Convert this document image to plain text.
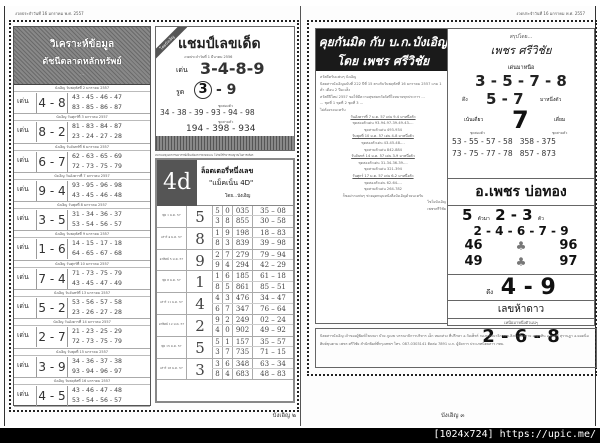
งวดประจำวันที่ 16 มกราคม พ.ศ. 2557
วิเคราะห์ข้อมูล
ดัชนีตลาดหลักทรัพย์
...
บังเอิญ วันพฤหัสที่ 2 มกราคม 2557
เด่น 4 - 8	43 - 45 - 46 - 47
83 - 85 - 86 - 87
บังเอิญ วันศุกร์ที่ 3 มกราคม 2557
เด่น 8 - 2	81 - 83 - 84 - 87
23 - 24 - 27 - 28
บังเอิญ วันจันทร์ที่ 6 มกราคม 2557
เด่น 6 - 7	62 - 63 - 65 - 69
72 - 73 - 75 - 79
บังเอิญ วันอังคารที่ 7 มกราคม 2557
เด่น 9 - 4	93 - 95 - 96 - 98
43 - 45 - 46 - 48
บังเอิญ วันพุธที่ 8 มกราคม 2557
เด่น 3 - 5	31 - 34 - 36 - 37
53 - 54 - 56 - 57
บังเอิญ วันพฤหัสที่ 9 มกราคม 2557
เด่น 1 - 6	14 - 15 - 17 - 18
64 - 65 - 67 - 68
บังเอิญ วันศุกร์ที่ 10 มกราคม 2557
เด่น 7 - 4	71 - 73 - 75 - 79
43 - 45 - 47 - 49
บังเอิญ วันจันทร์ที่ 13 มกราคม 2557
เด่น 5 - 2	53 - 56 - 57 - 58
23 - 26 - 27 - 28
บังเอิญ วันอังคารที่ 14 มกราคม 2557
เด่น 2 - 7	21 - 23 - 25 - 29
72 - 73 - 75 - 79
บังเอิญ วันพุธที่ 15 มกราคม 2557
เด่น 3 - 9	34 - 36 - 37 - 38
93 - 94 - 96 - 97
บังเอิญ วันพฤหัสที่ 16 มกราคม 2557
เด่น 4 - 5	43 - 46 - 47 - 48
53 - 54 - 56 - 57
โดยบังเอิญ แชมป์เลขเด็ด
งวดประจำวันที่ 1 มีนาคม 2556
เด่น 3-4-8-9
รูด	3 - 9
ชุดสองตัว
34 - 38 - 39 - 93 - 94 - 98
ชุดสามตัว
194 - 398 - 934
หมายเหตุ ผลการพยากรณ์เป็นเพียงการคาดคะเน โปรดใช้วิจารณญาณในการเลือก
4d	ล็อตเตอรี่หนึ่งเลข
"แม็คเน็น 4D"
โดย...บังเอิญ
พุธ 1 ม.ค. 57 5	5 0 035	35 – 08
3 8 855	30 – 58
เสาร์ 4 ม.ค. 57 8	1 9 198	18 – 83
8 3 839	39 – 98
อาทิตย์ 5 ม.ค. 57 9	2 7 279	79 – 94
9 4 294	42 – 29
พุธ 8 ม.ค. 57 1	1 6 185	61 – 18
8 5 861	85 – 51
เสาร์ 11 ม.ค. 57 4	4 3 476	34 – 47
6 7 347	76 – 64
อาทิตย์ 12 ม.ค. 57 2	9 2 249	02 – 24
4 0 902	49 – 92
พุธ 15 ม.ค. 57 5	5 1 157	35 – 57
3 7 735	71 – 15
เสาร์ 18 ม.ค. 57 3	3 6 348	63 – 34
8 4 683	48 – 83
บังเอิญ ๒
งวดประจำวันที่ 16 มกราคม พ.ศ. 2557
คุยกันมิด กับ บ.ก.บังเอิญ
โดย เพชร ศรีวิชัย
สวัสดีครับแฟนๆ บังเอิญ
นิตยสารบังเอิญฉบับที่ 222 ปีที่ 15 ตรงกับวันพฤหัสที่ 16 มกราคม 2557 แรม 1 ค่ำ เดือน 2 ปีมะเส็ง
สวัสดีปีใหม่ 2557 ขอให้มีความสุขสมหวังดังที่ใจหมายทุกประการ ...
... ชุดที่ 1 ชุดที่ 2 ชุดที่ 3 ...
ไม่ต้องรอนะครับ
วันอังคารที่ 7 ม.ค. 57 เด่น 9-4 มาหนึ่งตัว
ชุดสองตัวเด่น 93-94-97-39-49-43-...
ชุดสามตัวเด่น 493-934
วันพุธที่ 10 ม.ค. 57 เด่น 4-8 มาหนึ่งตัว
ชุดสองตัวเด่น 43-45-48-...
ชุดสามตัวเด่น 842-884
วันจันทร์ 14 ม.ค. 57 เด่น 3-9 มาหนึ่งตัว
ชุดสองตัวเด่น 31-34-36-39-...
ชุดสามตัวเด่น 321-394
วันศุกร์ 17 ม.ค. 57 เด่น 6-2 มาหนึ่งตัว
ชุดสองตัวเด่น 62-64-...
ชุดสามตัวเด่น 264-782
ก็ขอฝากแฟนๆ ช่วยอุดหนุนหนังสือบังเอิญด้วยนะครับ
ไชโยบังเอิญ
เพชรศรีวิชัย
สรุปโดย...
เพชร ศรีวิชัย
เด่นมาหนือ
3 - 5 - 7 - 8
ดึง 5 - 7	มาหนึ่งตัว
เน้นเดี่ยว 7	เดี่ยม
ชุดสองตัว	ชุดสามตัว
53 - 55 - 57 - 58 358 - 375
73 - 75 - 77 - 78 857 - 873
อ.เพชร บ่อทอง
5 ตัวมา 2 - 3 ตัว
2 - 4 - 6 - 7 - 9
46	♣	96
49	♣	97
ดึง 4 - 9
เลขห้าดาว
เหนือมาหนึ่งตัวแน่ๆ
2 - 6 - 8
นิตยสารบังเอิญ เจ้าของผู้พิมพ์โฆษณา บ๊วย ภูเมฆ บรรณาธิการบริหาร เอ็ก หมดห่วง ที่ปรึกษา อ.วัยเพ็ชร์ กองบรรณาธิการ อ.สิงห์ เมืองสาย อ.ขุนทิน อ.สมศรี สุรานฏา อ.ยอดนิ่ม ศิษย์ขุนตาม เพชร ศรีวิชัย สำนักพิมพ์ที่กรุงเทพฯ โทร. 087-0303141 ติดต่อ 7891 ม.ก. ผู้จัดการ ประเภทนิตยสาร กทม.
บังเอิญ ๓
[1024x724] https://upic.me/
